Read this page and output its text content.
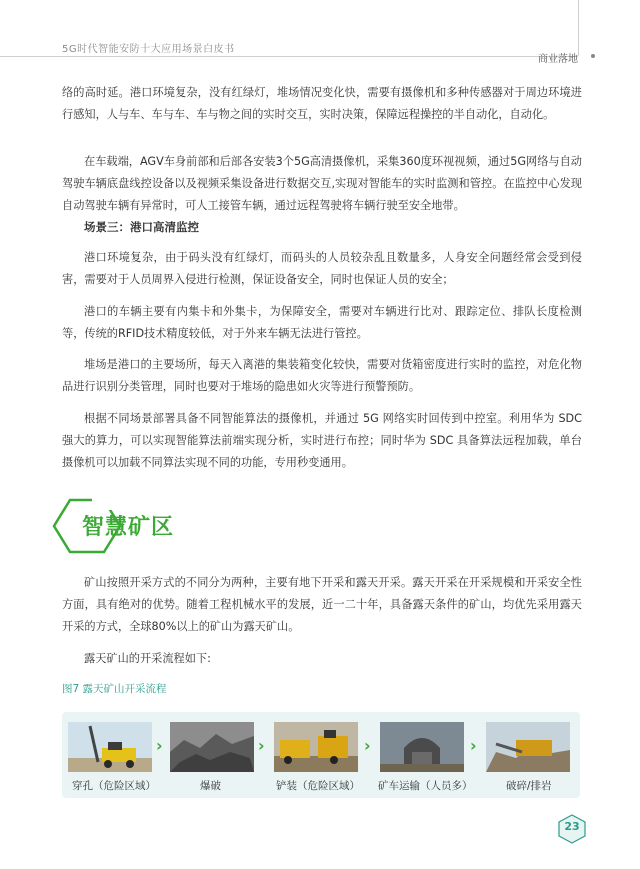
5G时代智能安防十大应用场景白皮书
商业落地

络的高时延。港口环境复杂，没有红绿灯，堆场情况变化快，需要有摄像机和多种传感器对于周边环境进行感知，人与车、车与车、车与物之间的实时交互，实时决策，保障远程操控的半自动化，自动化。

在车载端，AGV车身前部和后部各安装3个5G高清摄像机，采集360度环视视频，通过5G网络与自动驾驶车辆底盘线控设备以及视频采集设备进行数据交互,实现对智能车的实时监测和管控。在监控中心发现自动驾驶车辆有异常时，可人工接管车辆，通过远程驾驶将车辆行驶至安全地带。

场景三：港口高清监控

港口环境复杂，由于码头没有红绿灯，而码头的人员较杂乱且数量多，人身安全问题经常会受到侵害，需要对于人员周界入侵进行检测，保证设备安全，同时也保证人员的安全；

港口的车辆主要有内集卡和外集卡，为保障安全，需要对车辆进行比对、跟踪定位、排队长度检测等，传统的RFID技术精度较低，对于外来车辆无法进行管控。

堆场是港口的主要场所，每天入离港的集装箱变化较快，需要对货箱密度进行实时的监控，对危化物品进行识别分类管理，同时也要对于堆场的隐患如火灾等进行预警预防。

根据不同场景部署具备不同智能算法的摄像机，并通过 5G 网络实时回传到中控室。利用华为 SDC 强大的算力，可以实现智能算法前端实现分析，实时进行布控；同时华为 SDC 具备算法远程加载，单台摄像机可以加载不同算法实现不同的功能，专用秒变通用。

智慧矿区

矿山按照开采方式的不同分为两种，主要有地下开采和露天开采。露天开采在开采规模和开采安全性方面，具有绝对的优势。随着工程机械水平的发展，近一二十年，具备露天条件的矿山，均优先采用露天开采的方式，全球80%以上的矿山为露天矿山。

露天矿山的开采流程如下:

图7 露天矿山开采流程
穿孔（危险区域）
›
爆破
›
铲装（危险区域）
›
矿车运输（人员多）
›
破碎/排岩
23
